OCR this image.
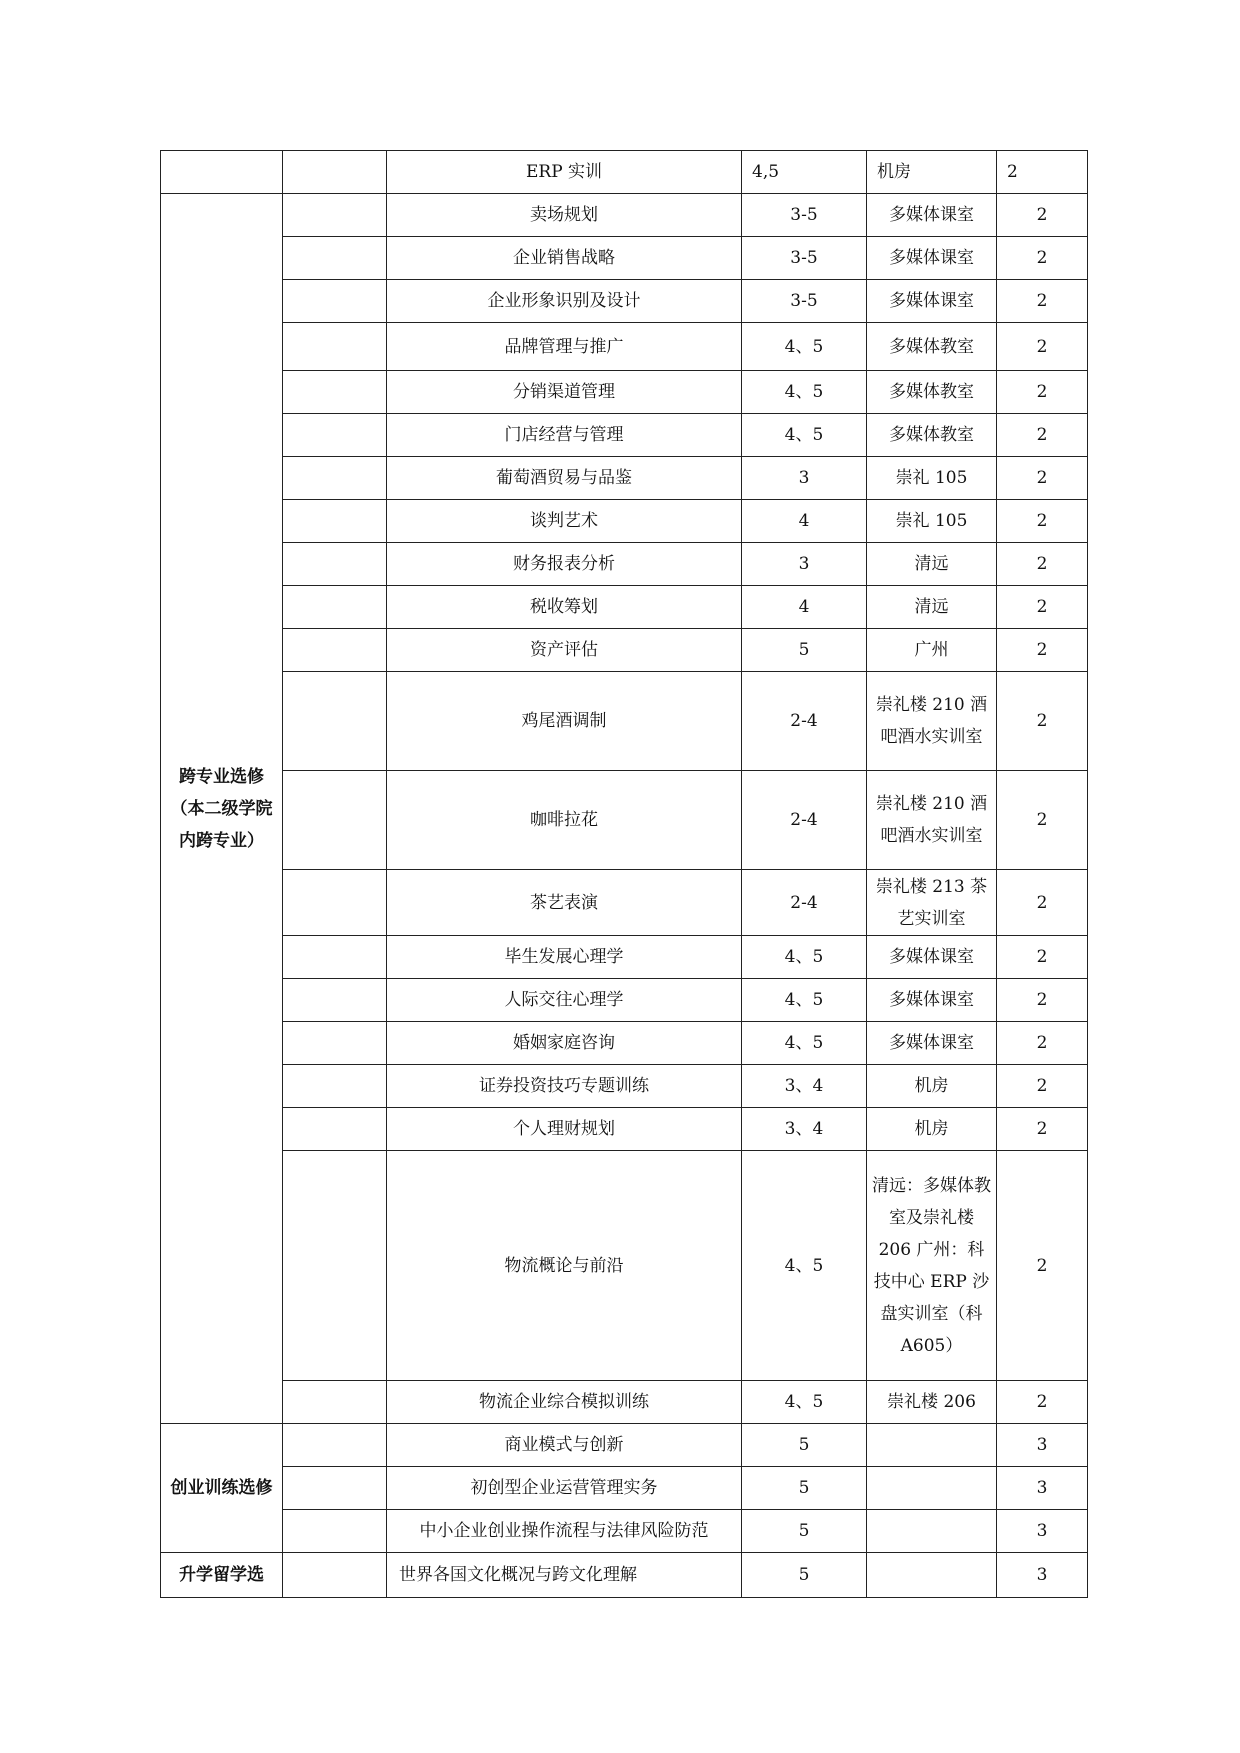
		ERP 实训	4,5	机房	2
跨专业选修（本二级学院内跨专业）		卖场规划	3-5	多媒体课室	2
		企业销售战略	3-5	多媒体课室	2
		企业形象识别及设计	3-5	多媒体课室	2
		品牌管理与推广	4、5	多媒体教室	2
		分销渠道管理	4、5	多媒体教室	2
		门店经营与管理	4、5	多媒体教室	2
		葡萄酒贸易与品鉴	3	崇礼 105	2
		谈判艺术	4	崇礼 105	2
		财务报表分析	3	清远	2
		税收筹划	4	清远	2
		资产评估	5	广州	2
		鸡尾酒调制	2-4	崇礼楼 210 酒吧酒水实训室	2
		咖啡拉花	2-4	崇礼楼 210 酒吧酒水实训室	2
		茶艺表演	2-4	崇礼楼 213 茶艺实训室	2
		毕生发展心理学	4、5	多媒体课室	2
		人际交往心理学	4、5	多媒体课室	2
		婚姻家庭咨询	4、5	多媒体课室	2
		证券投资技巧专题训练	3、4	机房	2
		个人理财规划	3、4	机房	2
		物流概论与前沿	4、5	清远：多媒体教室及崇礼楼 206 广州：科技中心 ERP 沙盘实训室（科 A605）	2
		物流企业综合模拟训练	4、5	崇礼楼 206	2
创业训练选修		商业模式与创新	5		3
		初创型企业运营管理实务	5		3
		中小企业创业操作流程与法律风险防范	5		3
升学留学选		世界各国文化概况与跨文化理解	5		3
